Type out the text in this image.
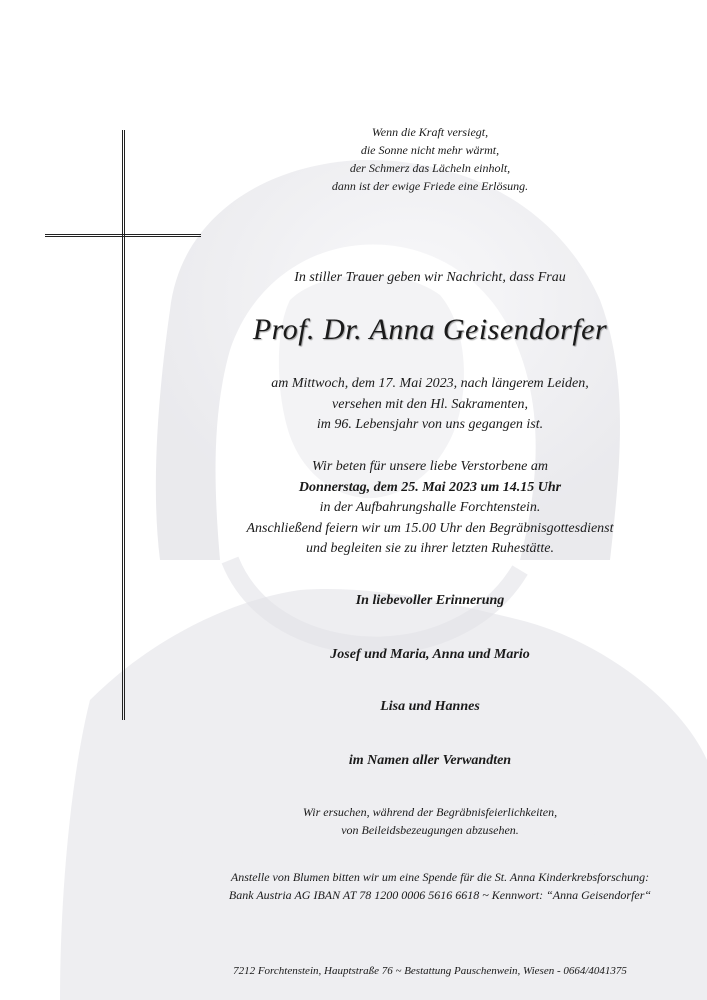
Wenn die Kraft versiegt,
die Sonne nicht mehr wärmt,
der Schmerz das Lächeln einholt,
dann ist der ewige Friede eine Erlösung.
In stiller Trauer geben wir Nachricht, dass Frau
Prof. Dr. Anna Geisendorfer
am Mittwoch, dem 17. Mai 2023, nach längerem Leiden,
versehen mit den Hl. Sakramenten,
im 96. Lebensjahr von uns gegangen ist.
Wir beten für unsere liebe Verstorbene am
Donnerstag, dem 25. Mai 2023 um 14.15 Uhr
in der Aufbahrungshalle Forchtenstein.
Anschließend feiern wir um 15.00 Uhr den Begräbnisgottesdienst
und begleiten sie zu ihrer letzten Ruhestätte.
In liebevoller Erinnerung
Josef und Maria, Anna und Mario
Lisa und Hannes
im Namen aller Verwandten
Wir ersuchen, während der Begräbnisfeierlichkeiten,
von Beileidsbezeugungen abzusehen.
Anstelle von Blumen bitten wir um eine Spende für die St. Anna Kinderkrebsforschung:
Bank Austria AG IBAN AT 78 1200 0006 5616 6618 ~ Kennwort: “Anna Geisendorfer“
7212 Forchtenstein, Hauptstraße 76 ~ Bestattung Pauschenwein, Wiesen - 0664/4041375
